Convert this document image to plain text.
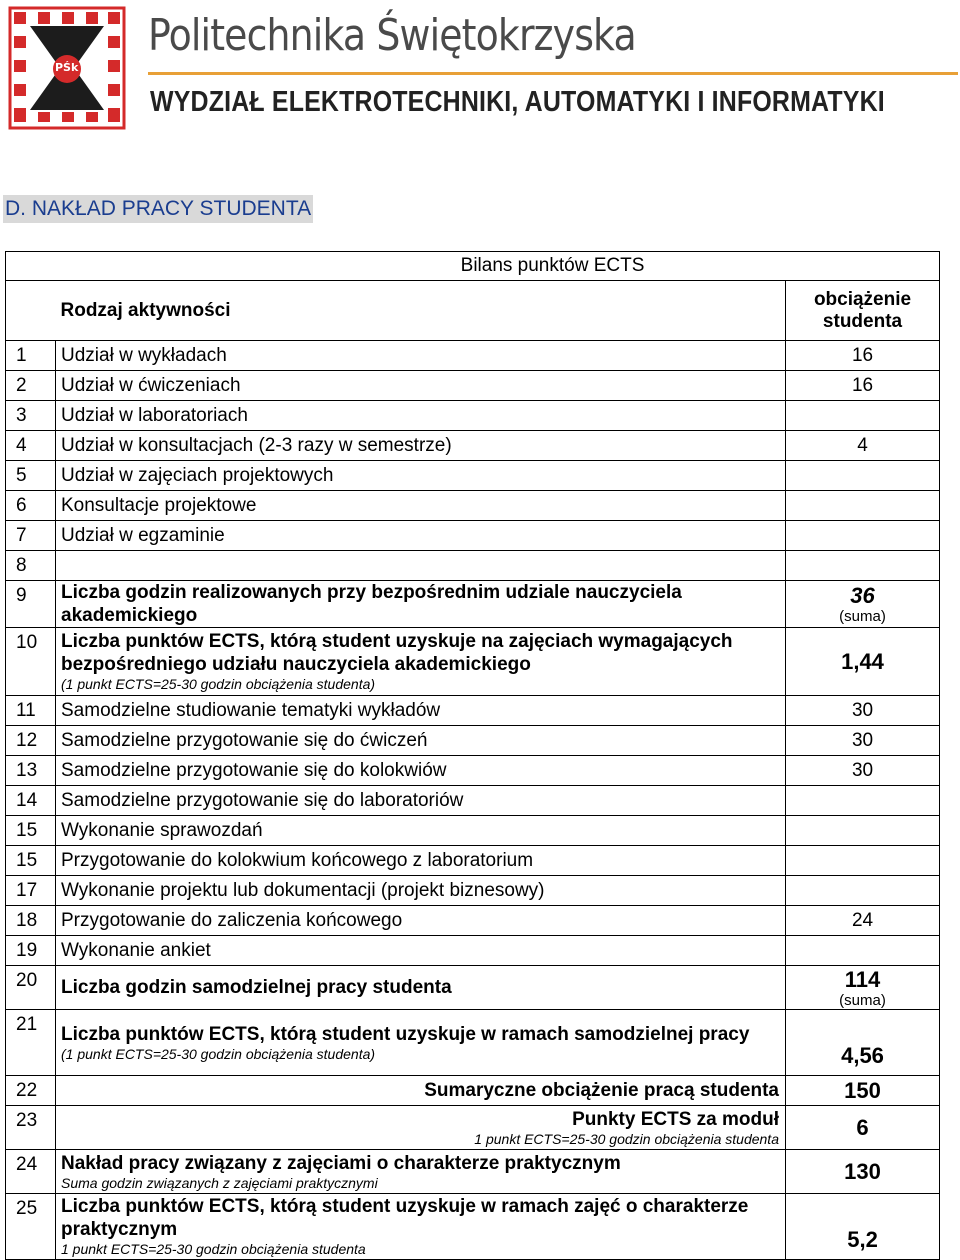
PŚk
Politechnika Świętokrzyska
WYDZIAŁ ELEKTROTECHNIKI, AUTOMATYKI I INFORMATYKI
D. NAKŁAD PRACY STUDENTA
Bilans punktów ECTS		
	Rodzaj aktywności	obciążenie
studenta
1	Udział w wykładach	16
2	Udział w ćwiczeniach	16
3	Udział w laboratoriach	
4	Udział w konsultacjach (2-3 razy w semestrze)	4
5	Udział w zajęciach projektowych	
6	Konsultacje projektowe	
7	Udział w egzaminie	
8		
9	Liczba godzin realizowanych przy bezpośrednim udziale nauczyciela akademickiego	36
(suma)

10	Liczba punktów ECTS, którą student uzyskuje na zajęciach wymagających bezpośredniego udziału nauczyciela akademickiego
(1 punkt ECTS=25-30 godzin obciążenia studenta)	1,44

11	Samodzielne studiowanie tematyki wykładów	30
12	Samodzielne przygotowanie się do ćwiczeń	30
13	Samodzielne przygotowanie się do kolokwiów	30
14	Samodzielne przygotowanie się do laboratoriów	
15	Wykonanie sprawozdań	
15	Przygotowanie do kolokwium końcowego z laboratorium	
17	Wykonanie projektu lub dokumentacji (projekt biznesowy)	
18	Przygotowanie do zaliczenia końcowego	24
19	Wykonanie ankiet	
20	Liczba godzin samodzielnej pracy studenta	114
(suma)

21	Liczba punktów ECTS, którą student uzyskuje w ramach samodzielnej pracy
(1 punkt ECTS=25-30 godzin obciążenia studenta)	4,56

22	Sumaryczne obciążenie pracą studenta	150

23	Punkty ECTS za moduł
1 punkt ECTS=25-30 godzin obciążenia studenta	6

24	Nakład pracy związany z zajęciami o charakterze praktycznym
Suma godzin związanych z zajęciami praktycznymi	130

25	Liczba punktów ECTS, którą student uzyskuje w ramach zajęć o charakterze praktycznym
1 punkt ECTS=25-30 godzin obciążenia studenta	5,2
